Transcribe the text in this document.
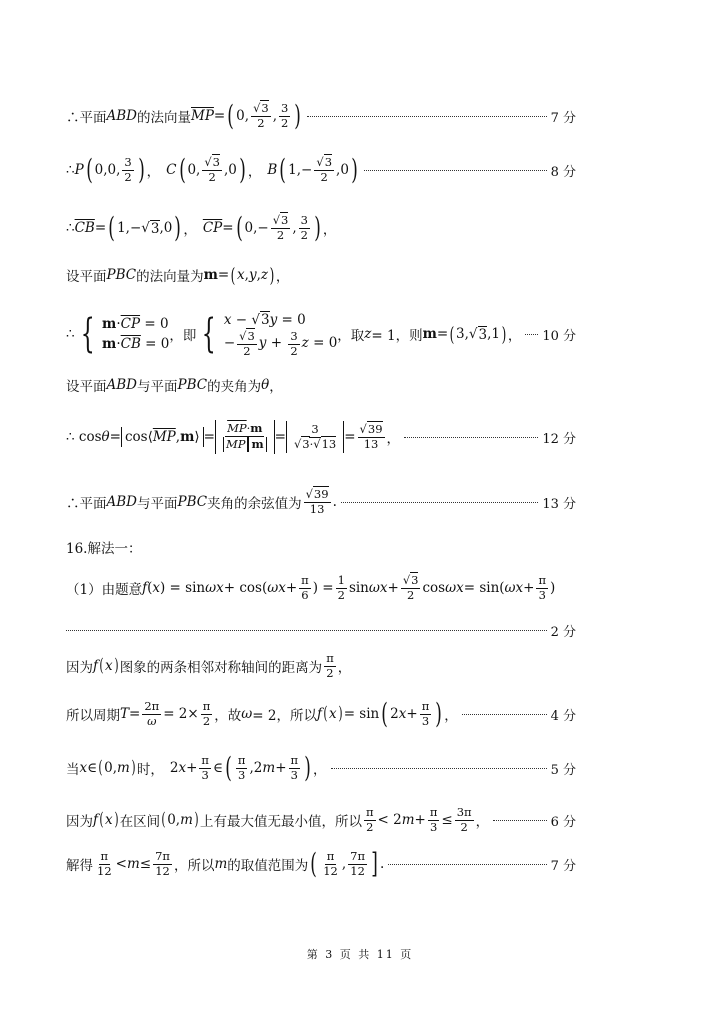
∴平面 ABD 的法向量 $\overline{MP}$ = ( 0, √ $\frac{3}{2}$ , $\frac{3}{2}$ )	7 分
∴ P ( 0,0, $\frac{3}{2}$ ) ， C ( 0, √ $\frac{3}{2} ,0$ ) ， B ( 1,− √ $\frac{3}{2} ,0$ )	8 分
∴ $\overline{CB}$ = ( 1,− √ 3 ,0 ) ， $\overline{CP}$ = ( 0,− √ $\frac{3}{2}$ , $\frac{3}{2}$ ) ，
设平面 PBC 的法向量为 m = ( x , y , z ) ，
∴ { $m\cdot\overline{CP} = 0$
$m\cdot\overline{CB} = 0$ ，即 { x − √ 3y = 0
− √ $\frac{3}{2}$ $y + \frac{3}{2}$ z = 0 ，取 z = 1，则 m = ( 3, √ 3 ,1 ) ， 10 分
设平面 ABD 与平面 PBC 的夹角为 θ ，
∴ cos θ = cos⟨ $\overline{MP}$ , m ⟩ = $\frac{\overline{MP}\cdot m}{\overline{MP} m} = 3$
√ 3· √ 13 = √ $\frac{39}{13}$ ，	12 分
∴平面 ABD 与平面 PBC 夹角的余弦值为 √ $\frac{39}{13}$ .	13 分
16.解法一：
（1）由题意 f ( x ) = sin ωx + cos( $\omega x + \frac{\pi}{6}$ ) = $\frac{1}{2}$ sin ωx + √ $\frac{3}{2}$ cos ωx = sin( $\omega x + \frac{\pi}{3}$ )
2 分
因为 f ( x ) 图象的两条相邻对称轴间的距离为 $\frac{\pi}{2}$ ，
所以周期 $T = \frac{2\pi}{\omega} = 2\times \frac{\pi}{2}$ ，故 ω = 2，所以 f ( x ) = sin ( 2 $x + \frac{\pi}{3}$ ) ，	4 分
当 x ∈ ( 0, m ) 时， 2 $x + \frac{\pi}{3}$ ∈ ( $\frac{\pi}{3} ,2$ $m + \frac{\pi}{3}$ ) ，	5 分
因为 f ( x ) 在区间 ( 0, m ) 上有最大值无最小值，所以 $\frac{\pi}{2} < 2$ $m + \frac{\pi}{3} \le \frac{3\pi}{2}$ ，	6 分
解得 $\frac{\pi}{12} < m \le \frac{7\pi}{12}$ ，所以 m 的取值范围为 ( $\frac{\pi}{12}$ , $\frac{7\pi}{12}$ ] .	7 分
第 3 页 共 11 页
